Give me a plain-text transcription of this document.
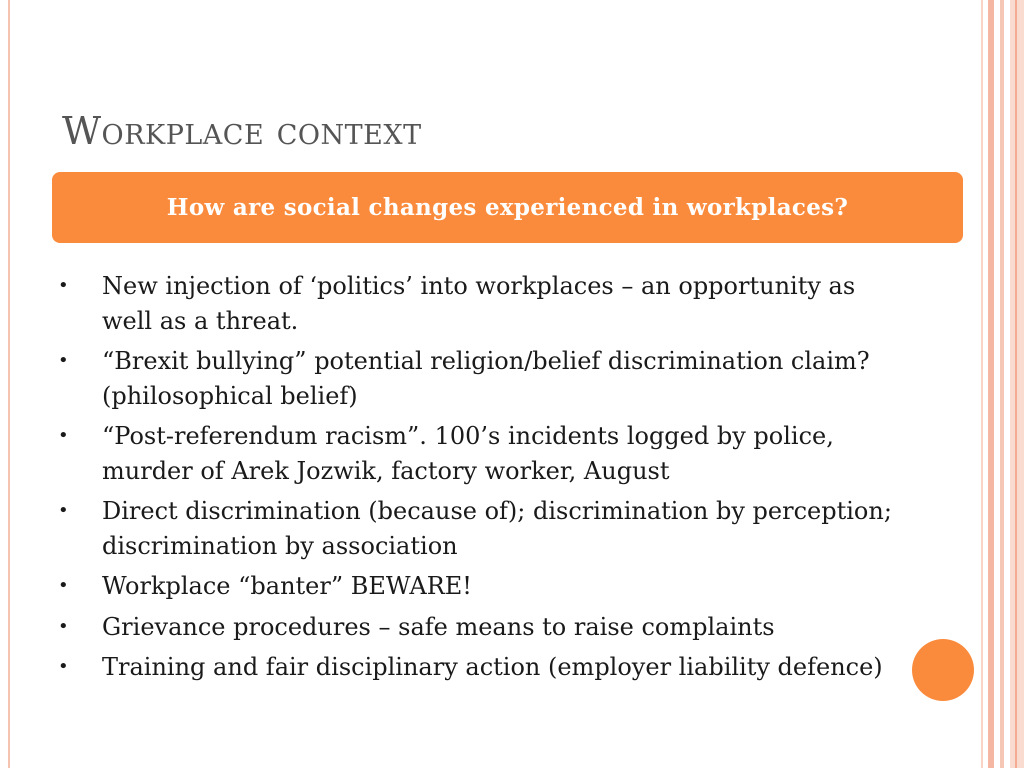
Workplace context
How are social changes experienced in workplaces?
•	New injection of ‘politics’ into workplaces – an opportunity as
well as a threat.
•	“Brexit bullying” potential religion/belief discrimination claim?
(philosophical belief)
•	“Post-referendum racism”. 100’s incidents logged by police,
murder of Arek Jozwik, factory worker, August
•	Direct discrimination (because of); discrimination by perception;
discrimination by association
•	Workplace “banter” BEWARE!
•	Grievance procedures – safe means to raise complaints
•	Training and fair disciplinary action (employer liability defence)
